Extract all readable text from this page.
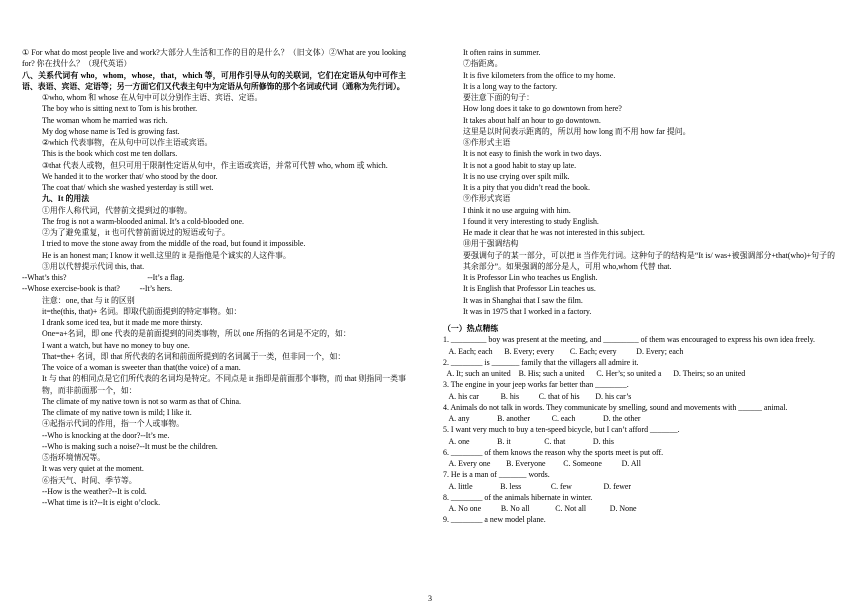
① For what do most people live and work?大部分人生活和工作的目的是什么？（旧文体）②What are you looking for? 你在找什么？（现代英语）
八、关系代词有 who，whom，whose，that，which 等，可用作引导从句的关联词，它们在定语从句中可作主语、表语、宾语、定语等；另一方面它们又代表主句中为定语从句所修饰的那个名词或代词（通称为先行词）。
①who, whom 和 whose 在从句中可以分别作主语、宾语、定语。
The boy who is sitting next to Tom is his brother.
The woman whom he married was rich.
My dog whose name is Ted is growing fast.
②which 代表事物，在从句中可以作主语或宾语。
This is the book which cost me ten dollars.
③that 代表人或物，但只可用于限制性定语从句中，作主语或宾语，并常可代替 who, whom 或 which.
We handed it to the worker that/ who stood by the door.
The coat that/ which she washed yesterday is still wet.
九、It 的用法
①用作人称代词，代替前文提到过的事物。
The frog is not a warm-blooded animal. It’s a cold-blooded one.
②为了避免重复，it 也可代替前面说过的短语或句子。
I tried to move the stone away from the middle of the road, but found it impossible.
He is an honest man; I know it well.这里的 it 是指他是个诚实的人这件事。
③用以代替提示代词 this, that.
--What’s this?                                         --It’s a flag.
--Whose exercise-book is that?          --It’s hers.
注意：one, that 与 it 的区别
it=the(this, that)+ 名词。即取代前面提到的特定事物。如：
I drank some iced tea, but it made me more thirsty.
One=a+名词，即 one 代表的是前面提到的同类事物，所以 one 所指的名词是不定的，如：
I want a watch, but have no money to buy one.
That=the+ 名词，即 that 所代表的名词和前面所提到的名词属于一类，但非同一个，如：
The voice of a woman is sweeter than that(the voice) of a man.
It 与 that 的相同点是它们所代表的名词均是特定。不同点是 it 指即是前面那个事物，而 that 则指同一类事物，而非前面那一个，如：
The climate of my native town is not so warm as that of China.
The climate of my native town is mild; I like it.
④起指示代词的作用，指一个人或事物。
--Who is knocking at the door?--It’s me.
--Who is making such a noise?--It must be the children.
⑤指环境情况等。
It was very quiet at the moment.
⑥指天气、时间、季节等。
--How is the weather?--It is cold.
--What time is it?--It is eight o’clock.
It often rains in summer.
⑦指距离。
It is five kilometers from the office to my home.
It is a long way to the factory.
要注意下面的句子：
How long does it take to go downtown from here?
It takes about half an hour to go downtown.
这里是以时间表示距离的，所以用 how long 而不用 how far 提问。
⑧作形式主语
It is not easy to finish the work in two days.
It is not a good habit to stay up late.
It is no use crying over spilt milk.
It is a pity that you didn’t read the book.
⑨作形式宾语
I think it no use arguing with him.
I found it very interesting to study English.
He made it clear that he was not interested in this subject.
⑩用于强调结构
要强调句子的某一部分，可以把 it 当作先行词。这种句子的结构是“It is/ was+被强调部分+that(who)+句子的其余部分”。如果强调的部分是人，可用 who,whom 代替 that.
It is Professor Lin who teaches us English.
It is English that Professor Lin teaches us.
It was in Shanghai that I saw the film.
It was in 1975 that I worked in a factory.
（一）热点精练
1. _________ boy was present at the meeting, and _________ of them was encouraged to express his own idea freely.
A. Each; each      B. Every; every        C. Each; every          D. Every; each
2. ________ is _______ family that the villagers all admire it.
A. It; such an united    B. His; such a united      C. Her’s; so united a      D. Theirs; so an united
3. The engine in your jeep works far better than ________.
A. his car           B. his          C. that of his        D. his car’s
4. Animals do not talk in words. They communicate by smelling, sound and movements with ______ animal.
A. any              B. another           C. each              D. the other
5. I want very much to buy a ten-speed bicycle, but I can’t afford _______.
A. one              B. it                 C. that              D. this
6. ________ of them knows the reason why the sports meet is put off.
A. Every one        B. Everyone         C. Someone          D. All
7. He is a man of _______ words.
A. little              B. less               C. few                D. fewer
8. ________ of the animals hibernate in winter.
A. No one          B. No all             C. Not all            D. None
9. ________ a new model plane.
3
